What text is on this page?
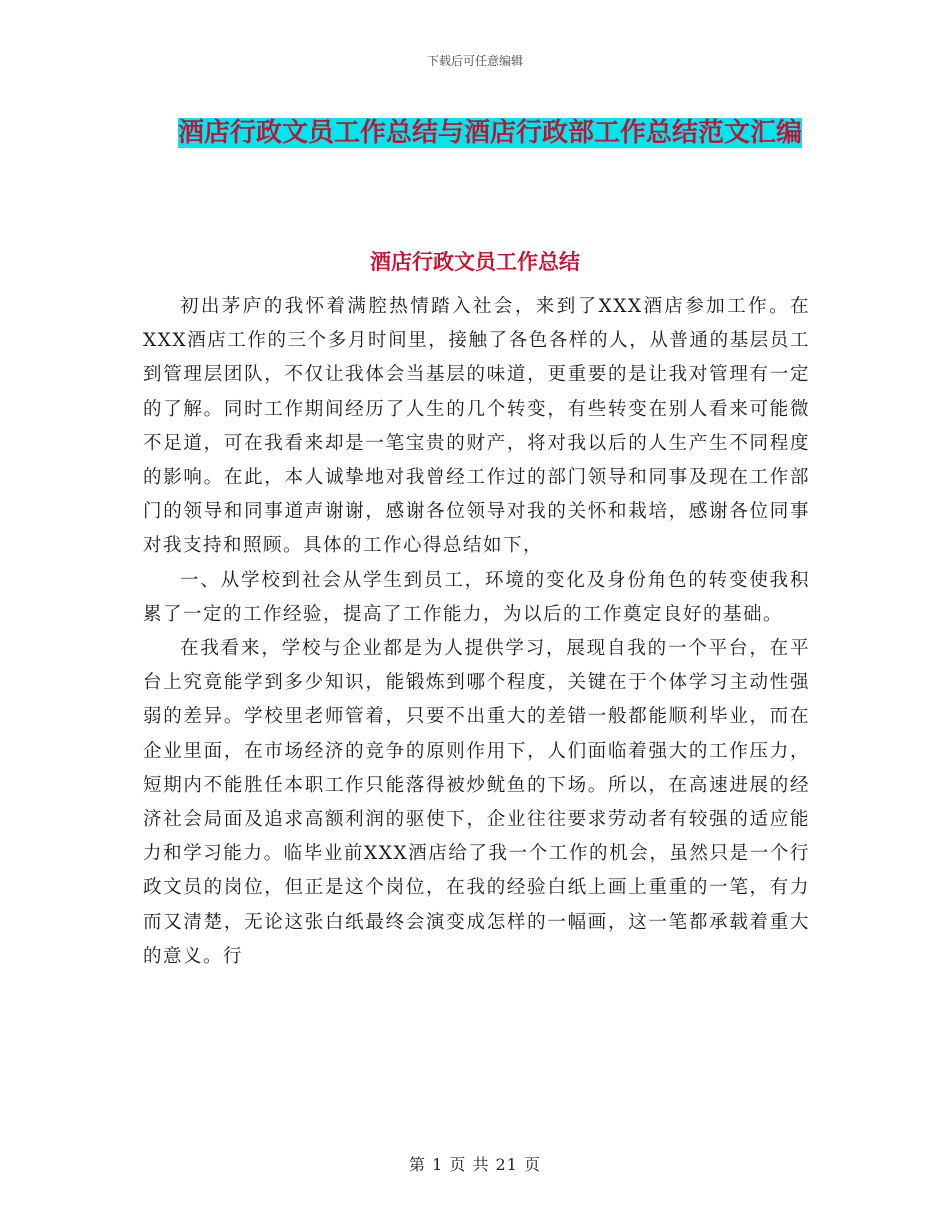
下载后可任意编辑
酒店行政文员工作总结与酒店行政部工作总结范文汇编
酒店行政文员工作总结

初出茅庐的我怀着满腔热情踏入社会，来到了XXX酒店参加工作。在XXX酒店工作的三个多月时间里，接触了各色各样的人，从普通的基层员工到管理层团队，不仅让我体会当基层的味道，更重要的是让我对管理有一定的了解。同时工作期间经历了人生的几个转变，有些转变在别人看来可能微不足道，可在我看来却是一笔宝贵的财产，将对我以后的人生产生不同程度的影响。在此，本人诚挚地对我曾经工作过的部门领导和同事及现在工作部门的领导和同事道声谢谢，感谢各位领导对我的关怀和栽培，感谢各位同事对我支持和照顾。具体的工作心得总结如下，

一、从学校到社会从学生到员工，环境的变化及身份角色的转变使我积累了一定的工作经验，提高了工作能力，为以后的工作奠定良好的基础。

在我看来，学校与企业都是为人提供学习，展现自我的一个平台，在平台上究竟能学到多少知识，能锻炼到哪个程度，关键在于个体学习主动性强弱的差异。学校里老师管着，只要不出重大的差错一般都能顺利毕业，而在企业里面，在市场经济的竞争的原则作用下，人们面临着强大的工作压力，短期内不能胜任本职工作只能落得被炒鱿鱼的下场。所以，在高速进展的经济社会局面及追求高额利润的驱使下，企业往往要求劳动者有较强的适应能力和学习能力。临毕业前XXX酒店给了我一个工作的机会，虽然只是一个行政文员的岗位，但正是这个岗位，在我的经验白纸上画上重重的一笔，有力而又清楚，无论这张白纸最终会演变成怎样的一幅画，这一笔都承载着重大的意义。行

第 1 页 共 21 页
